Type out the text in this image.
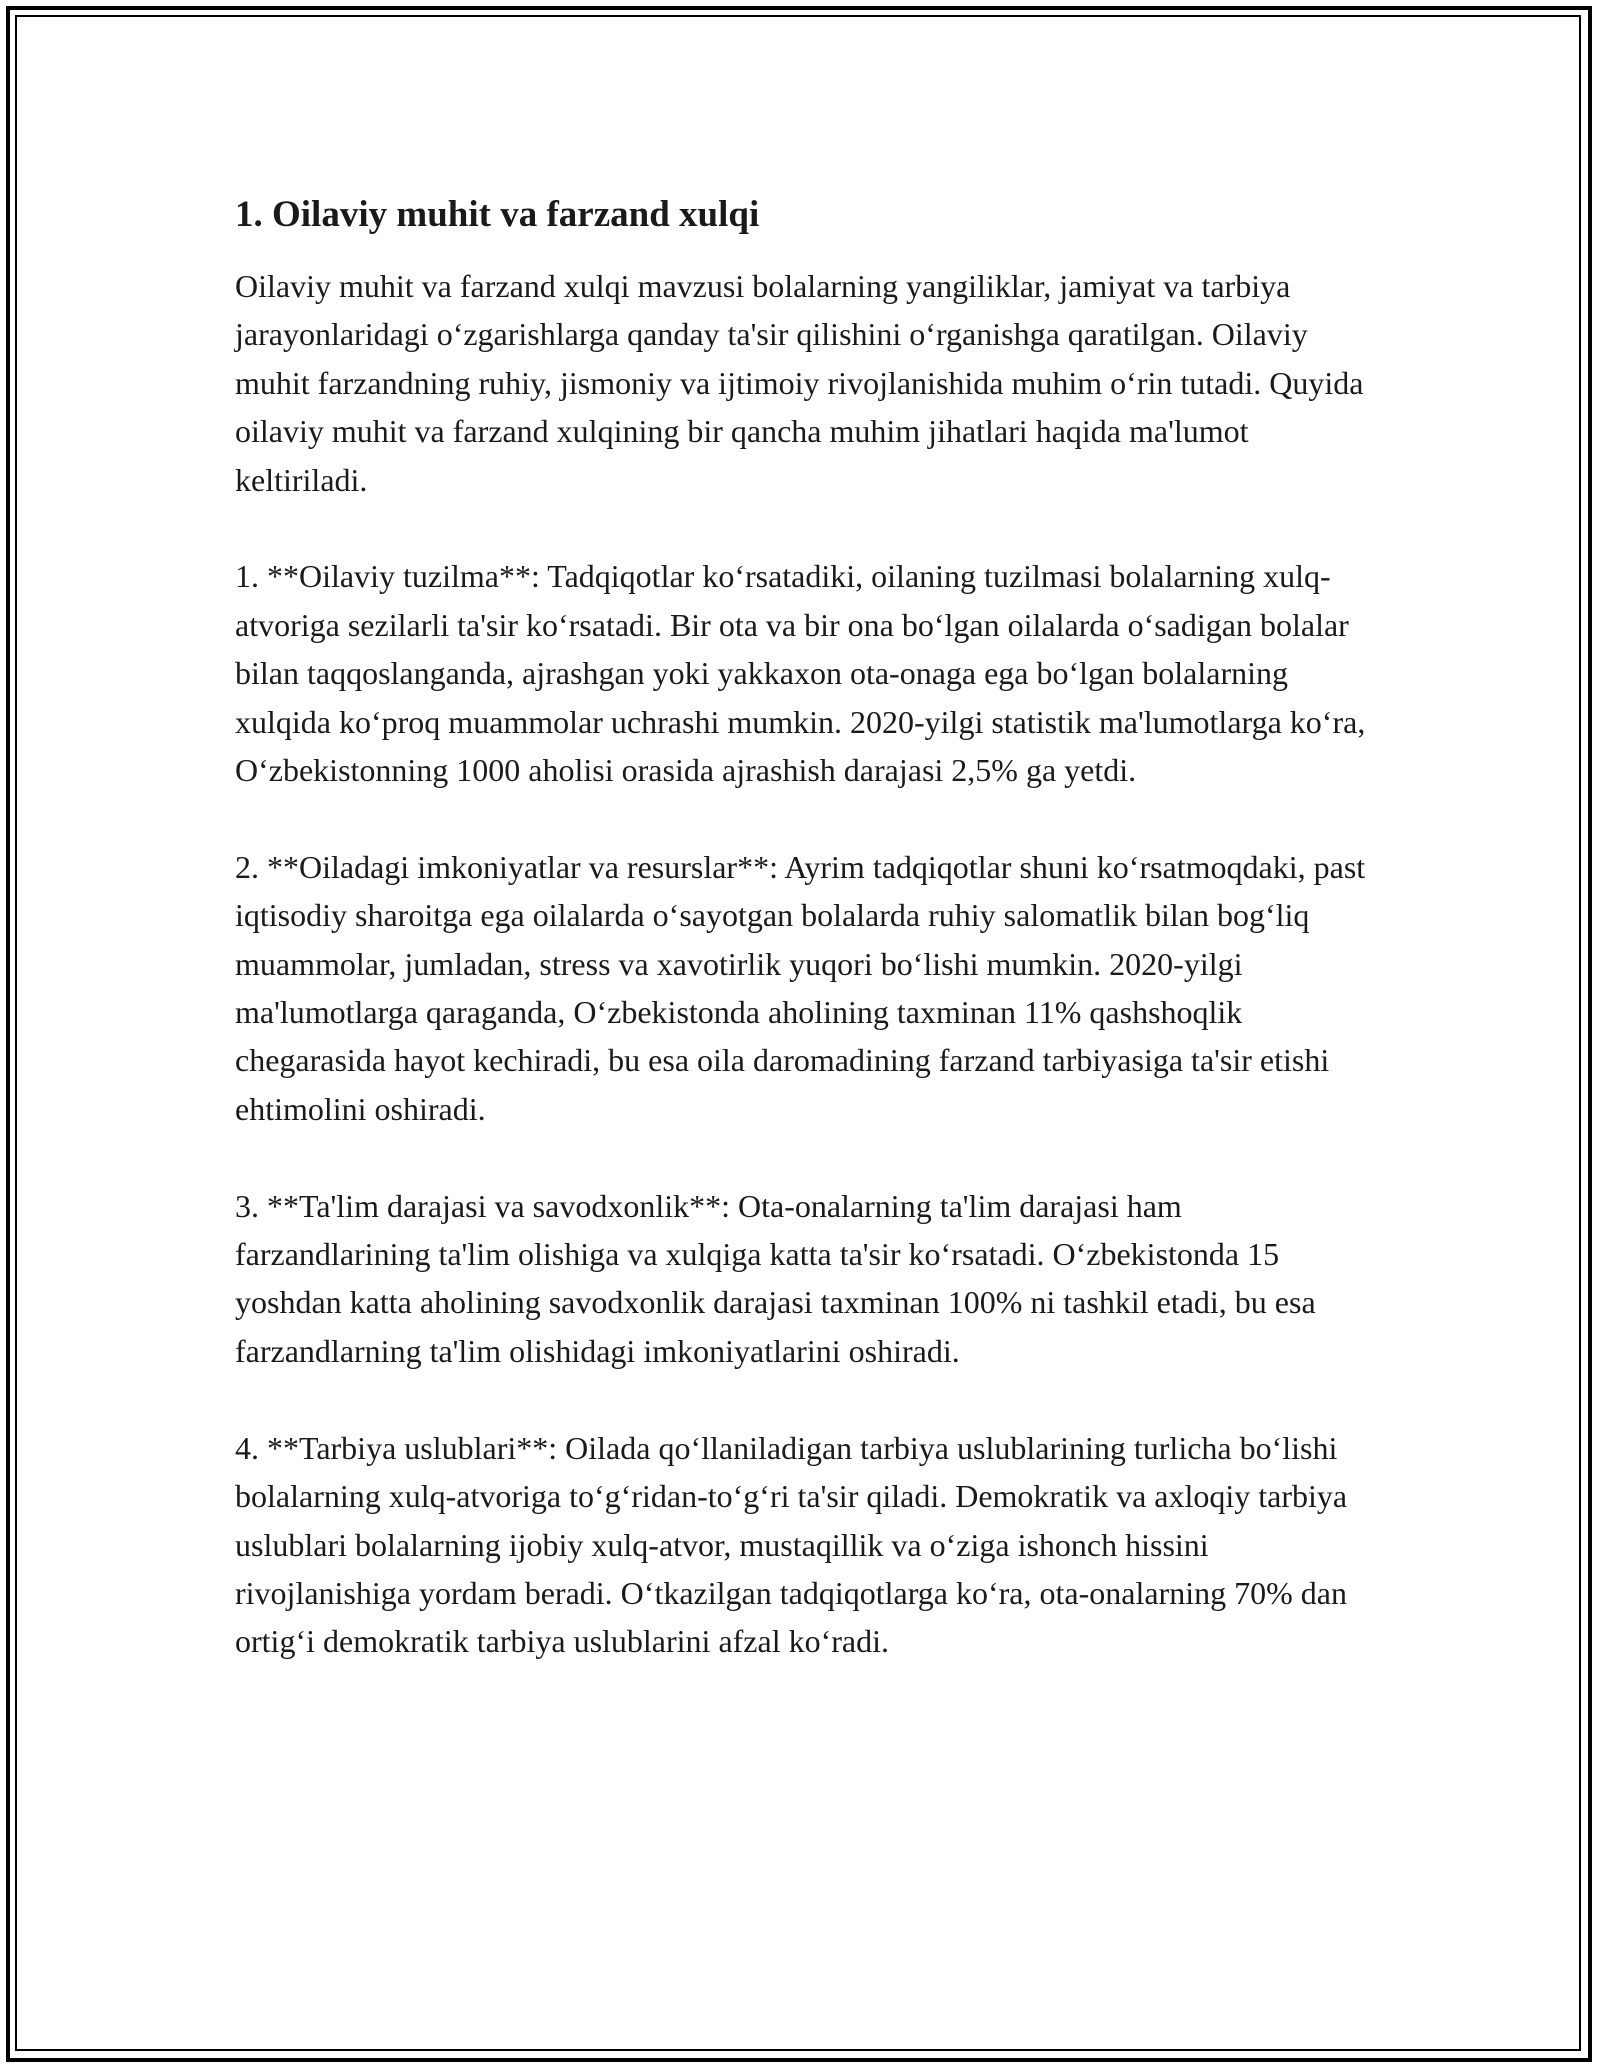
1. Oilaviy muhit va farzand xulqi

Oilaviy muhit va farzand xulqi mavzusi bolalarning yangiliklar, jamiyat va tarbiya jarayonlaridagi oʻzgarishlarga qanday ta'sir qilishini oʻrganishga qaratilgan. Oilaviy muhit farzandning ruhiy, jismoniy va ijtimoiy rivojlanishida muhim oʻrin tutadi. Quyida oilaviy muhit va farzand xulqining bir qancha muhim jihatlari haqida ma'lumot keltiriladi.

1. **Oilaviy tuzilma**: Tadqiqotlar koʻrsatadiki, oilaning tuzilmasi bolalarning xulq-atvoriga sezilarli ta'sir koʻrsatadi. Bir ota va bir ona boʻlgan oilalarda oʻsadigan bolalar bilan taqqoslanganda, ajrashgan yoki yakkaxon ota-onaga ega boʻlgan bolalarning xulqida koʻproq muammolar uchrashi mumkin. 2020-yilgi statistik ma'lumotlarga koʻra, Oʻzbekistonning 1000 aholisi orasida ajrashish darajasi 2,5% ga yetdi.

2. **Oiladagi imkoniyatlar va resurslar**: Ayrim tadqiqotlar shuni koʻrsatmoqdaki, past iqtisodiy sharoitga ega oilalarda oʻsayotgan bolalarda ruhiy salomatlik bilan bogʻliq muammolar, jumladan, stress va xavotirlik yuqori boʻlishi mumkin. 2020-yilgi ma'lumotlarga qaraganda, Oʻzbekistonda aholining taxminan 11% qashshoqlik chegarasida hayot kechiradi, bu esa oila daromadining farzand tarbiyasiga ta'sir etishi ehtimolini oshiradi.

3. **Ta'lim darajasi va savodxonlik**: Ota-onalarning ta'lim darajasi ham farzandlarining ta'lim olishiga va xulqiga katta ta'sir koʻrsatadi. Oʻzbekistonda 15 yoshdan katta aholining savodxonlik darajasi taxminan 100% ni tashkil etadi, bu esa farzandlarning ta'lim olishidagi imkoniyatlarini oshiradi.

4. **Tarbiya uslublari**: Oilada qoʻllaniladigan tarbiya uslublarining turlicha boʻlishi bolalarning xulq-atvoriga toʻgʻridan-toʻgʻri ta'sir qiladi. Demokratik va axloqiy tarbiya uslublari bolalarning ijobiy xulq-atvor, mustaqillik va oʻziga ishonch hissini rivojlanishiga yordam beradi. Oʻtkazilgan tadqiqotlarga koʻra, ota-onalarning 70% dan ortigʻi demokratik tarbiya uslublarini afzal koʻradi.
